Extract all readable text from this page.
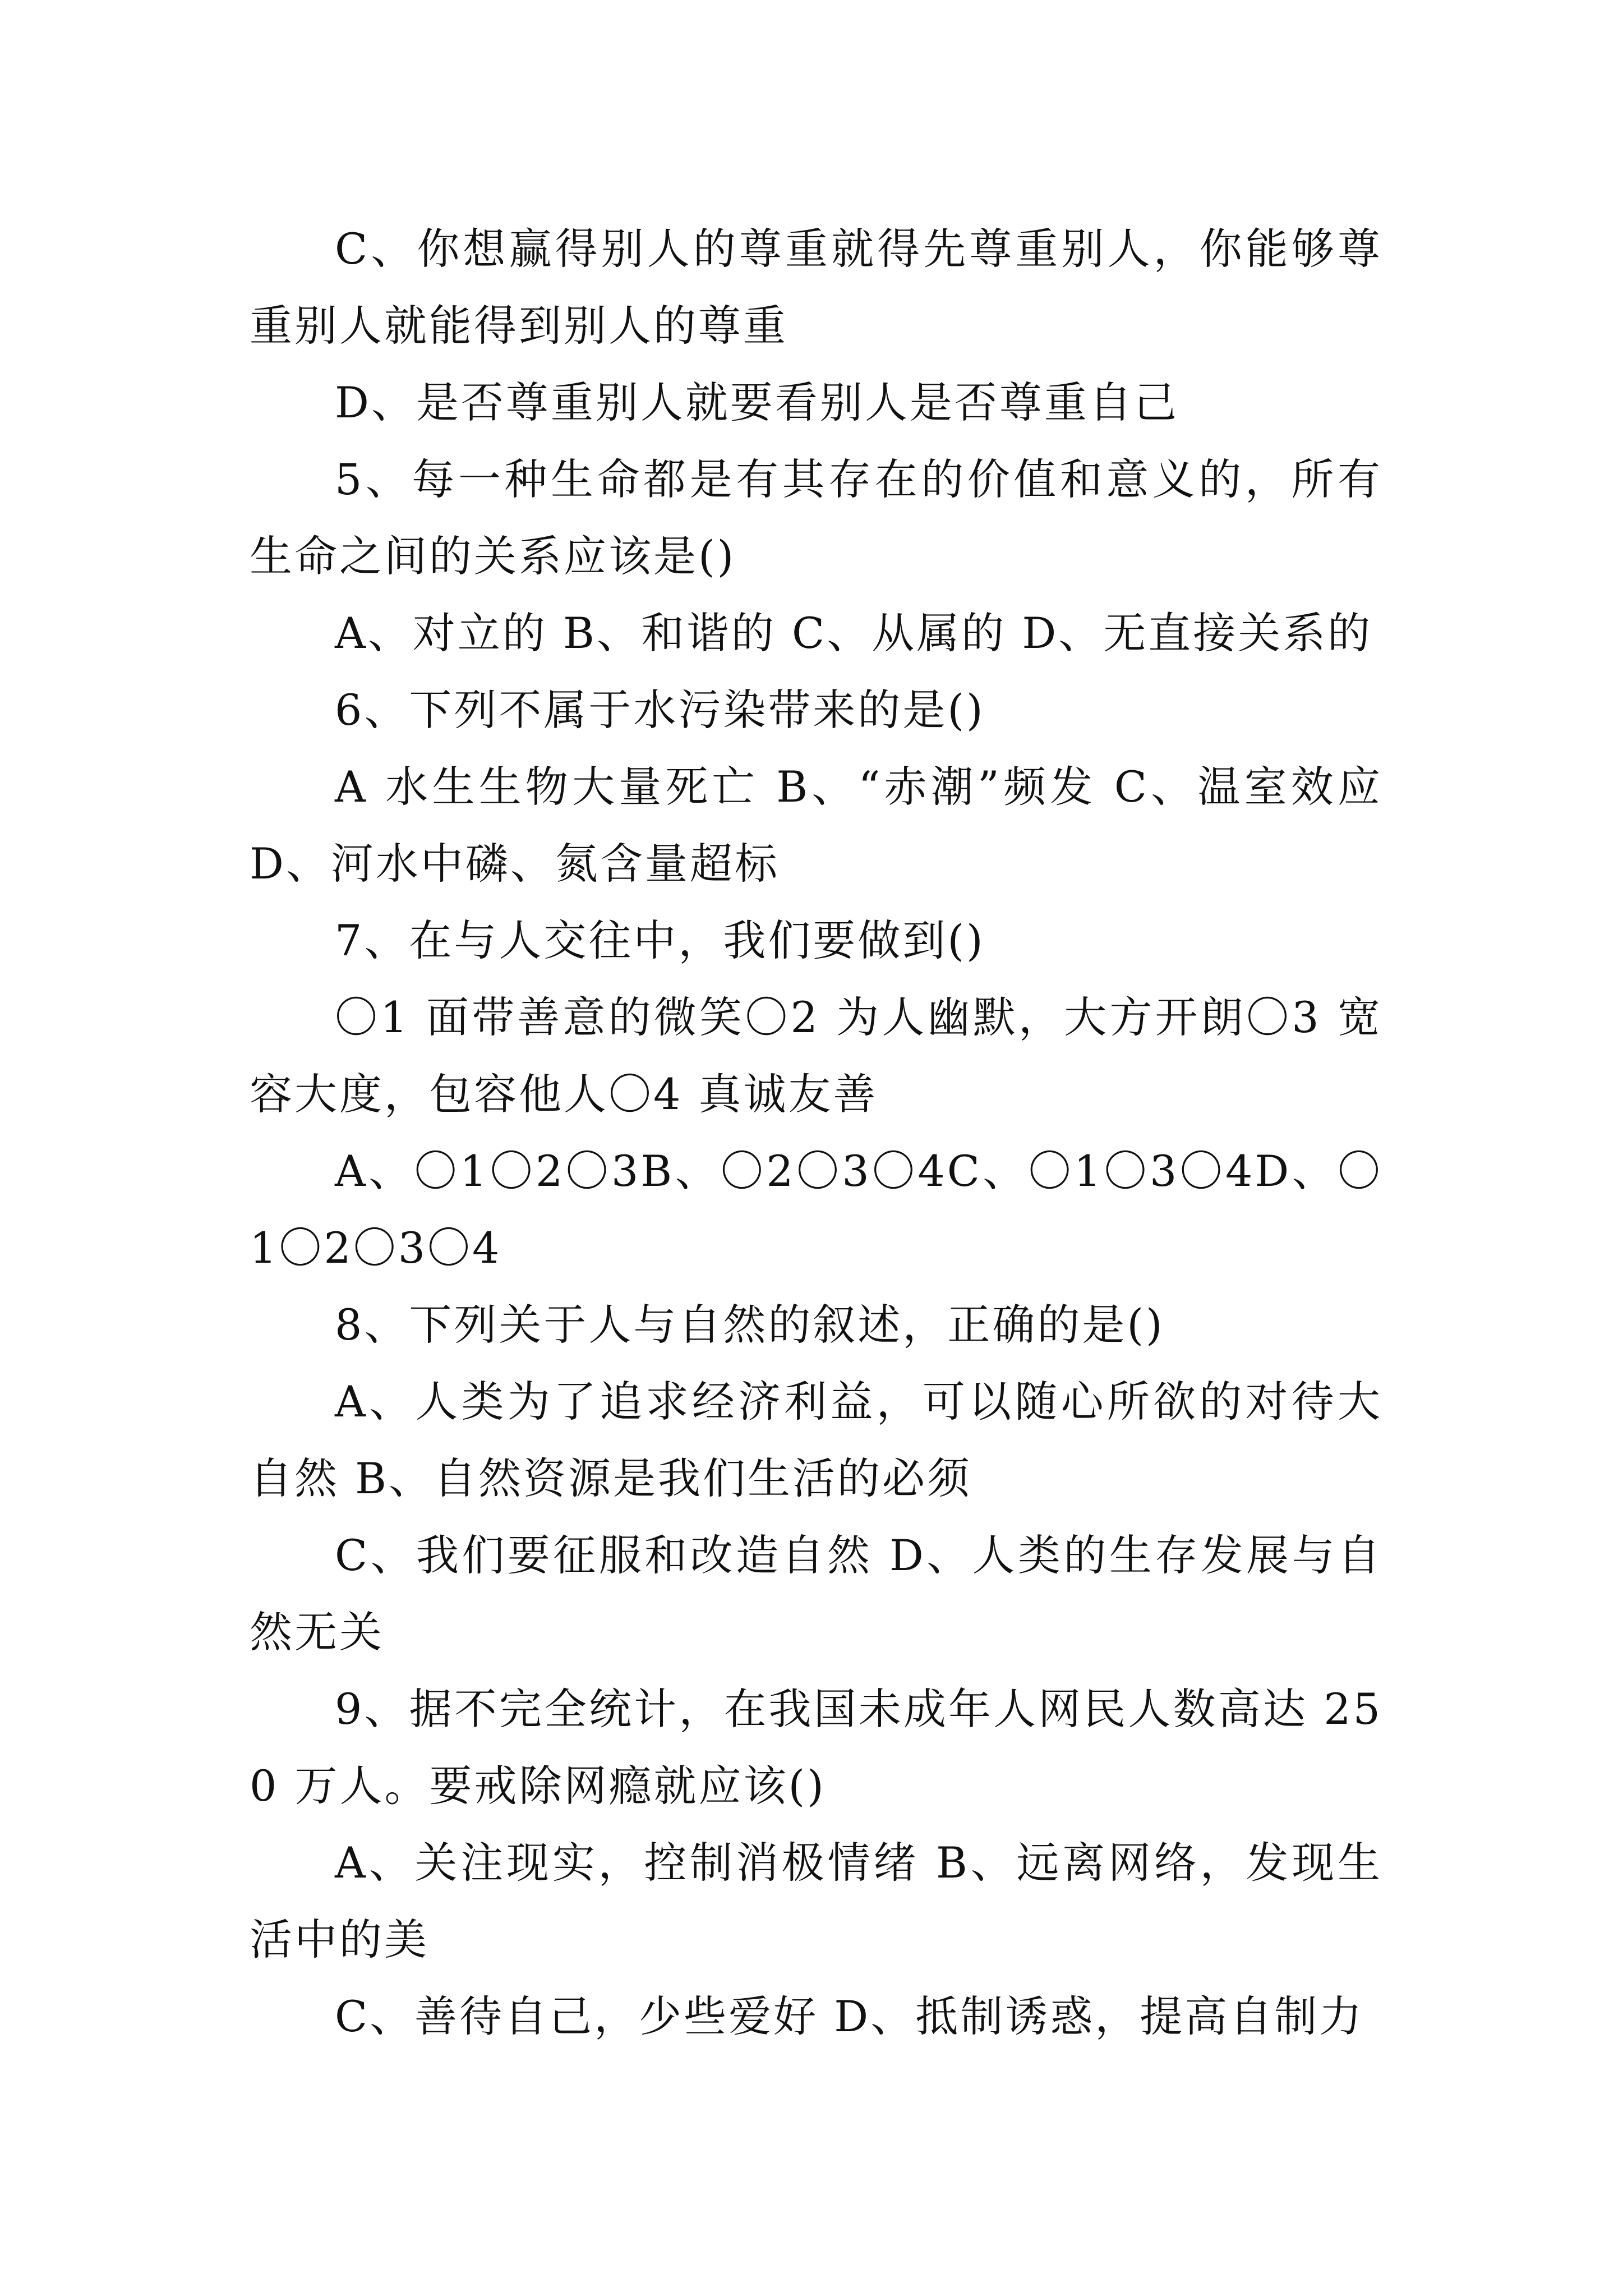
C、你想赢得别人的尊重就得先尊重别人，你能够尊重别人就能得到别人的尊重

D、是否尊重别人就要看别人是否尊重自己

5、每一种生命都是有其存在的价值和意义的，所有生命之间的关系应该是()

A、对立的 B、和谐的 C、从属的 D、无直接关系的

6、下列不属于水污染带来的是()

A 水生生物大量死亡 B、“赤潮”频发 C、温室效应 D、河水中磷、氮含量超标

7、在与人交往中，我们要做到()

〇1 面带善意的微笑〇2 为人幽默，大方开朗〇3 宽容大度，包容他人〇4 真诚友善

A、〇1〇2〇3B、〇2〇3〇4C、〇1〇3〇4D、〇1〇2〇3〇4

8、下列关于人与自然的叙述，正确的是()

A、人类为了追求经济利益，可以随心所欲的对待大自然 B、自然资源是我们生活的必须

C、我们要征服和改造自然 D、人类的生存发展与自然无关

9、据不完全统计，在我国未成年人网民人数高达 250 万人。要戒除网瘾就应该()

A、关注现实，控制消极情绪 B、远离网络，发现生活中的美

C、善待自己，少些爱好 D、抵制诱惑，提高自制力
